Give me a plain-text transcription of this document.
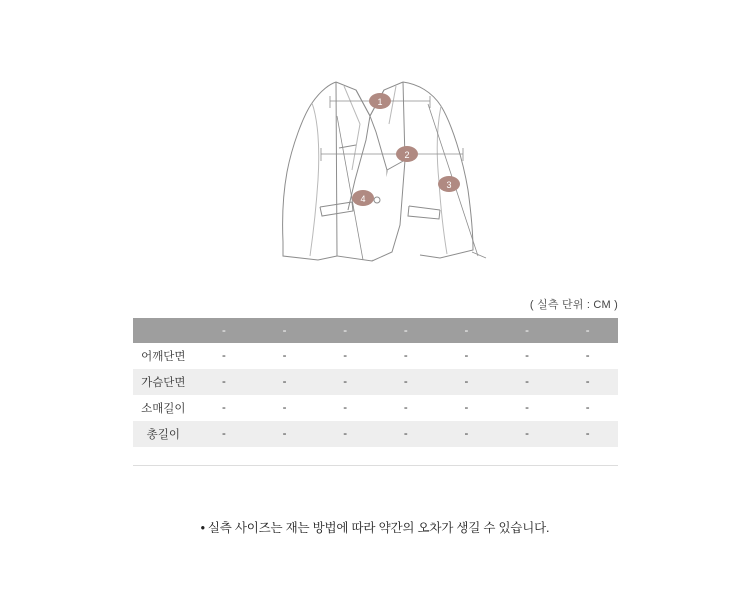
1
2
3
4
( 실측 단위 : CM )
	-	-	-	-	-	-	-
어깨단면	-	-	-	-	-	-	-
가슴단면	-	-	-	-	-	-	-
소매길이	-	-	-	-	-	-	-
총길이	-	-	-	-	-	-	-
• 실측 사이즈는 재는 방법에 따라 약간의 오차가 생길 수 있습니다.
